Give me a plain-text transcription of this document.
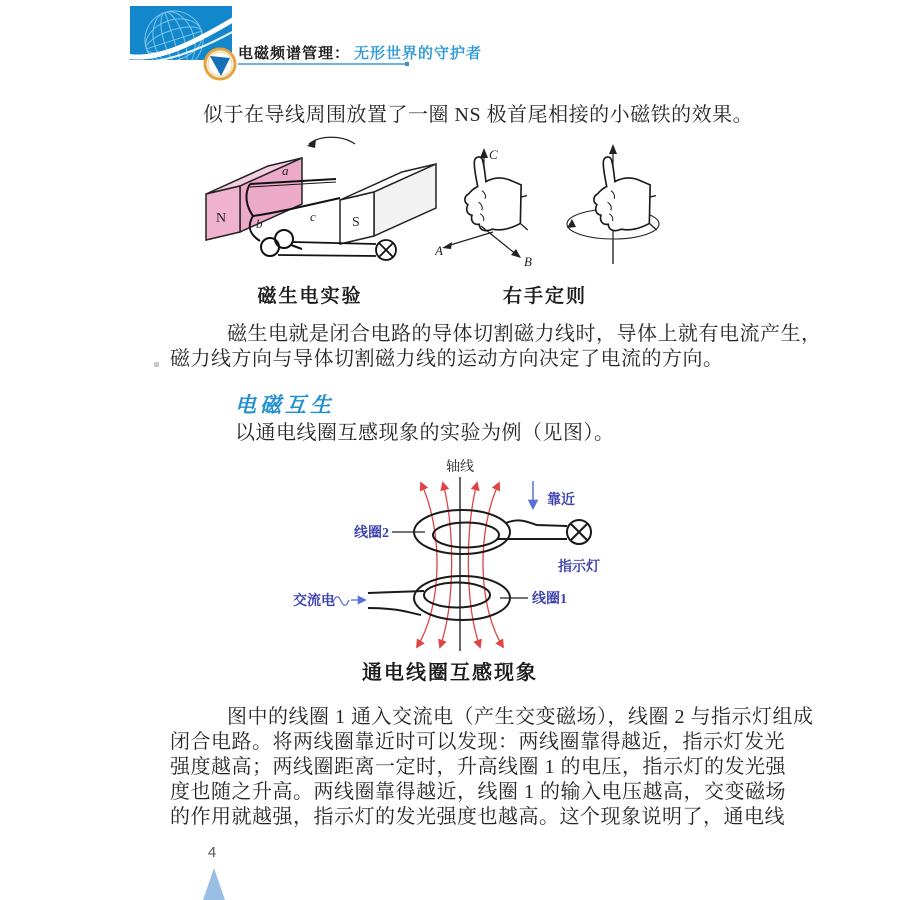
电磁频谱管理： 无形世界的守护者
似于在导线周围放置了一圈 NS 极首尾相接的小磁铁的效果。
N	S
a
b	c
磁生电实验
C
A
B
右手定则
磁生电就是闭合电路的导体切割磁力线时，导体上就有电流产生，
磁力线方向与导体切割磁力线的运动方向决定了电流的方向。
电磁互生
以通电线圈互感现象的实验为例（见图）。
轴线
线圈2
指示灯
靠近
交流电	线圈1
通电线圈互感现象
图中的线圈 1 通入交流电（产生交变磁场），线圈 2 与指示灯组成
闭合电路。将两线圈靠近时可以发现：两线圈靠得越近，指示灯发光
强度越高；两线圈距离一定时，升高线圈 1 的电压，指示灯的发光强
度也随之升高。两线圈靠得越近，线圈 1 的输入电压越高，交变磁场
的作用就越强，指示灯的发光强度也越高。这个现象说明了，通电线
4
